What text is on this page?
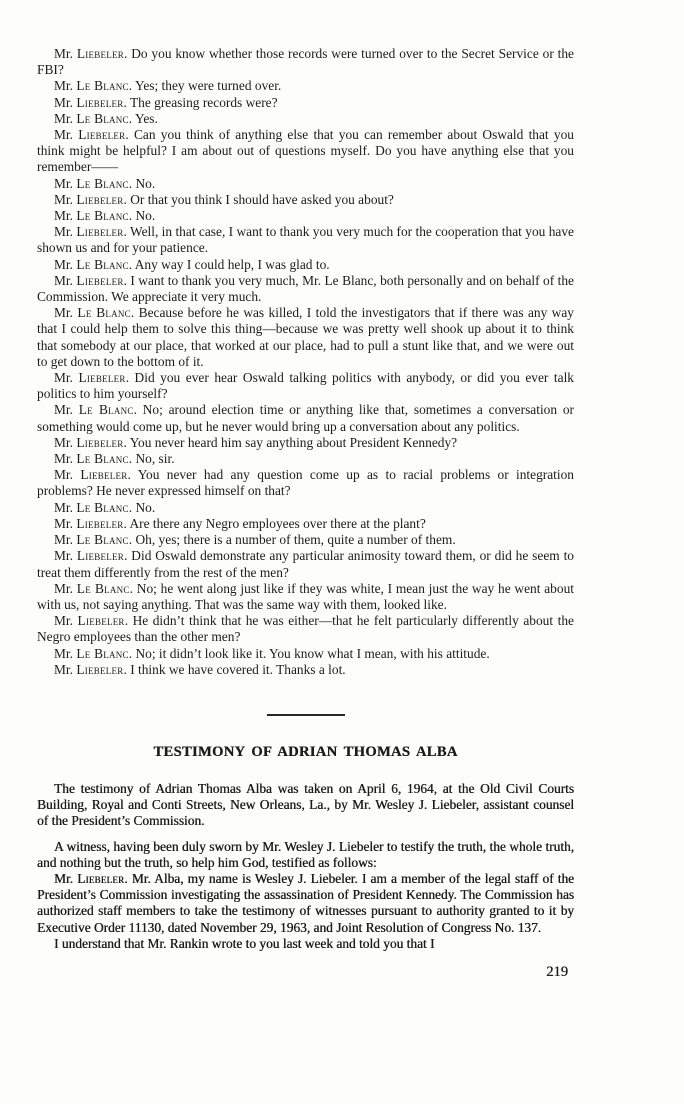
Mr. Liebeler. Do you know whether those records were turned over to the Secret Service or the FBI?

Mr. Le Blanc. Yes; they were turned over.

Mr. Liebeler. The greasing records were?

Mr. Le Blanc. Yes.

Mr. Liebeler. Can you think of anything else that you can remember about Oswald that you think might be helpful? I am about out of questions myself. Do you have anything else that you remember——

Mr. Le Blanc. No.

Mr. Liebeler. Or that you think I should have asked you about?

Mr. Le Blanc. No.

Mr. Liebeler. Well, in that case, I want to thank you very much for the cooperation that you have shown us and for your patience.

Mr. Le Blanc. Any way I could help, I was glad to.

Mr. Liebeler. I want to thank you very much, Mr. Le Blanc, both personally and on behalf of the Commission. We appreciate it very much.

Mr. Le Blanc. Because before he was killed, I told the investigators that if there was any way that I could help them to solve this thing—because we was pretty well shook up about it to think that somebody at our place, that worked at our place, had to pull a stunt like that, and we were out to get down to the bottom of it.

Mr. Liebeler. Did you ever hear Oswald talking politics with anybody, or did you ever talk politics to him yourself?

Mr. Le Blanc. No; around election time or anything like that, sometimes a conversation or something would come up, but he never would bring up a conversation about any politics.

Mr. Liebeler. You never heard him say anything about President Kennedy?

Mr. Le Blanc. No, sir.

Mr. Liebeler. You never had any question come up as to racial problems or integration problems? He never expressed himself on that?

Mr. Le Blanc. No.

Mr. Liebeler. Are there any Negro employees over there at the plant?

Mr. Le Blanc. Oh, yes; there is a number of them, quite a number of them.

Mr. Liebeler. Did Oswald demonstrate any particular animosity toward them, or did he seem to treat them differently from the rest of the men?

Mr. Le Blanc. No; he went along just like if they was white, I mean just the way he went about with us, not saying anything. That was the same way with them, looked like.

Mr. Liebeler. He didn’t think that he was either—that he felt particularly differently about the Negro employees than the other men?

Mr. Le Blanc. No; it didn’t look like it. You know what I mean, with his attitude.

Mr. Liebeler. I think we have covered it. Thanks a lot.

TESTIMONY OF ADRIAN THOMAS ALBA

The testimony of Adrian Thomas Alba was taken on April 6, 1964, at the Old Civil Courts Building, Royal and Conti Streets, New Orleans, La., by Mr. Wesley J. Liebeler, assistant counsel of the President’s Commission.

A witness, having been duly sworn by Mr. Wesley J. Liebeler to testify the truth, the whole truth, and nothing but the truth, so help him God, testified as follows:

Mr. Liebeler. Mr. Alba, my name is Wesley J. Liebeler. I am a member of the legal staff of the President’s Commission investigating the assassination of President Kennedy. The Commission has authorized staff members to take the testimony of witnesses pursuant to authority granted to it by Executive Order 11130, dated November 29, 1963, and Joint Resolution of Congress No. 137.

I understand that Mr. Rankin wrote to you last week and told you that I

219
